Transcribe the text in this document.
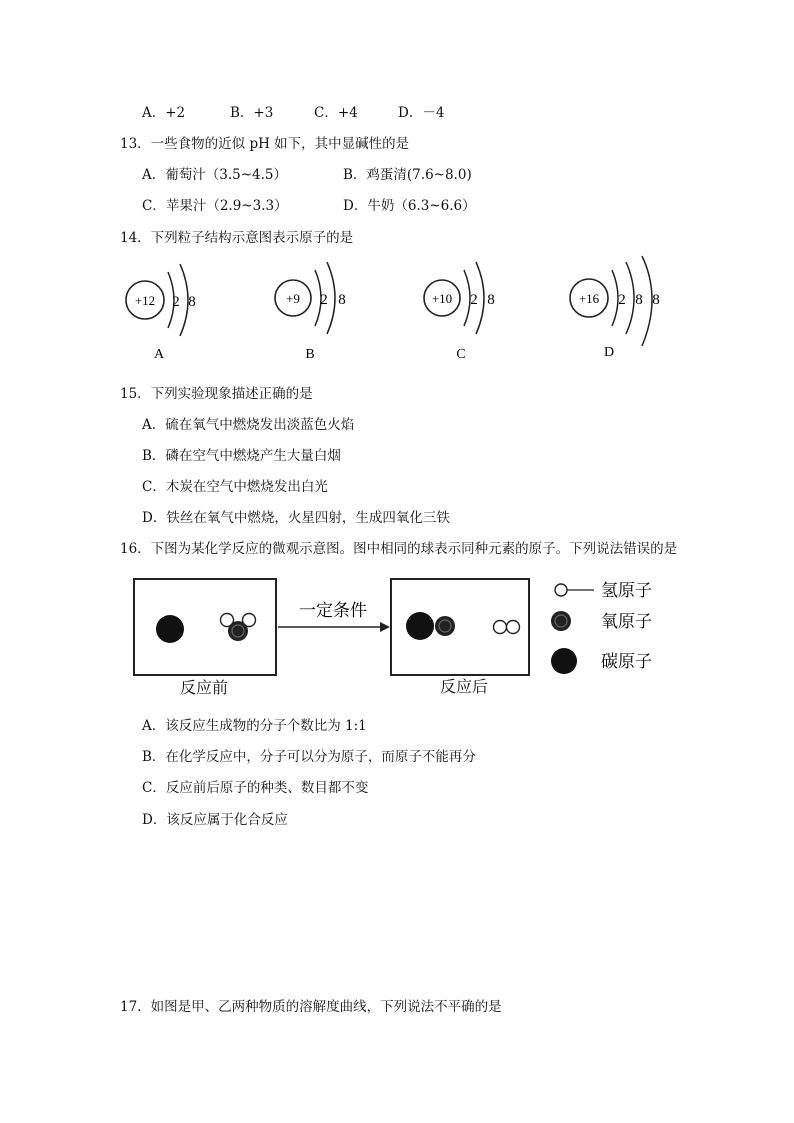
A．+2	B．+3	C．+4	D．－4
13．一些食物的近似 pH 如下，其中显碱性的是
A．葡萄汁（3.5~4.5）	B．鸡蛋清(7.6~8.0)
C．苹果汁（2.9~3.3）	D．牛奶（6.3~6.6）
14．下列粒子结构示意图表示原子的是
+12 2 8
A
+9 2 8
B
+10 2 8
C
+16 2 8 8
D
15．下列实验现象描述正确的是
A．硫在氧气中燃烧发出淡蓝色火焰
B．磷在空气中燃烧产生大量白烟
C．木炭在空气中燃烧发出白光
D．铁丝在氧气中燃烧，火星四射，生成四氧化三铁
16．下图为某化学反应的微观示意图。图中相同的球表示同种元素的原子。下列说法错误的是
一定条件
氢原子
氧原子
碳原子
反应前	反应后
A．该反应生成物的分子个数比为 1:1
B．在化学反应中，分子可以分为原子，而原子不能再分
C．反应前后原子的种类、数目都不变
D．该反应属于化合反应
17．如图是甲、乙两种物质的溶解度曲线，下列说法不平确的是
